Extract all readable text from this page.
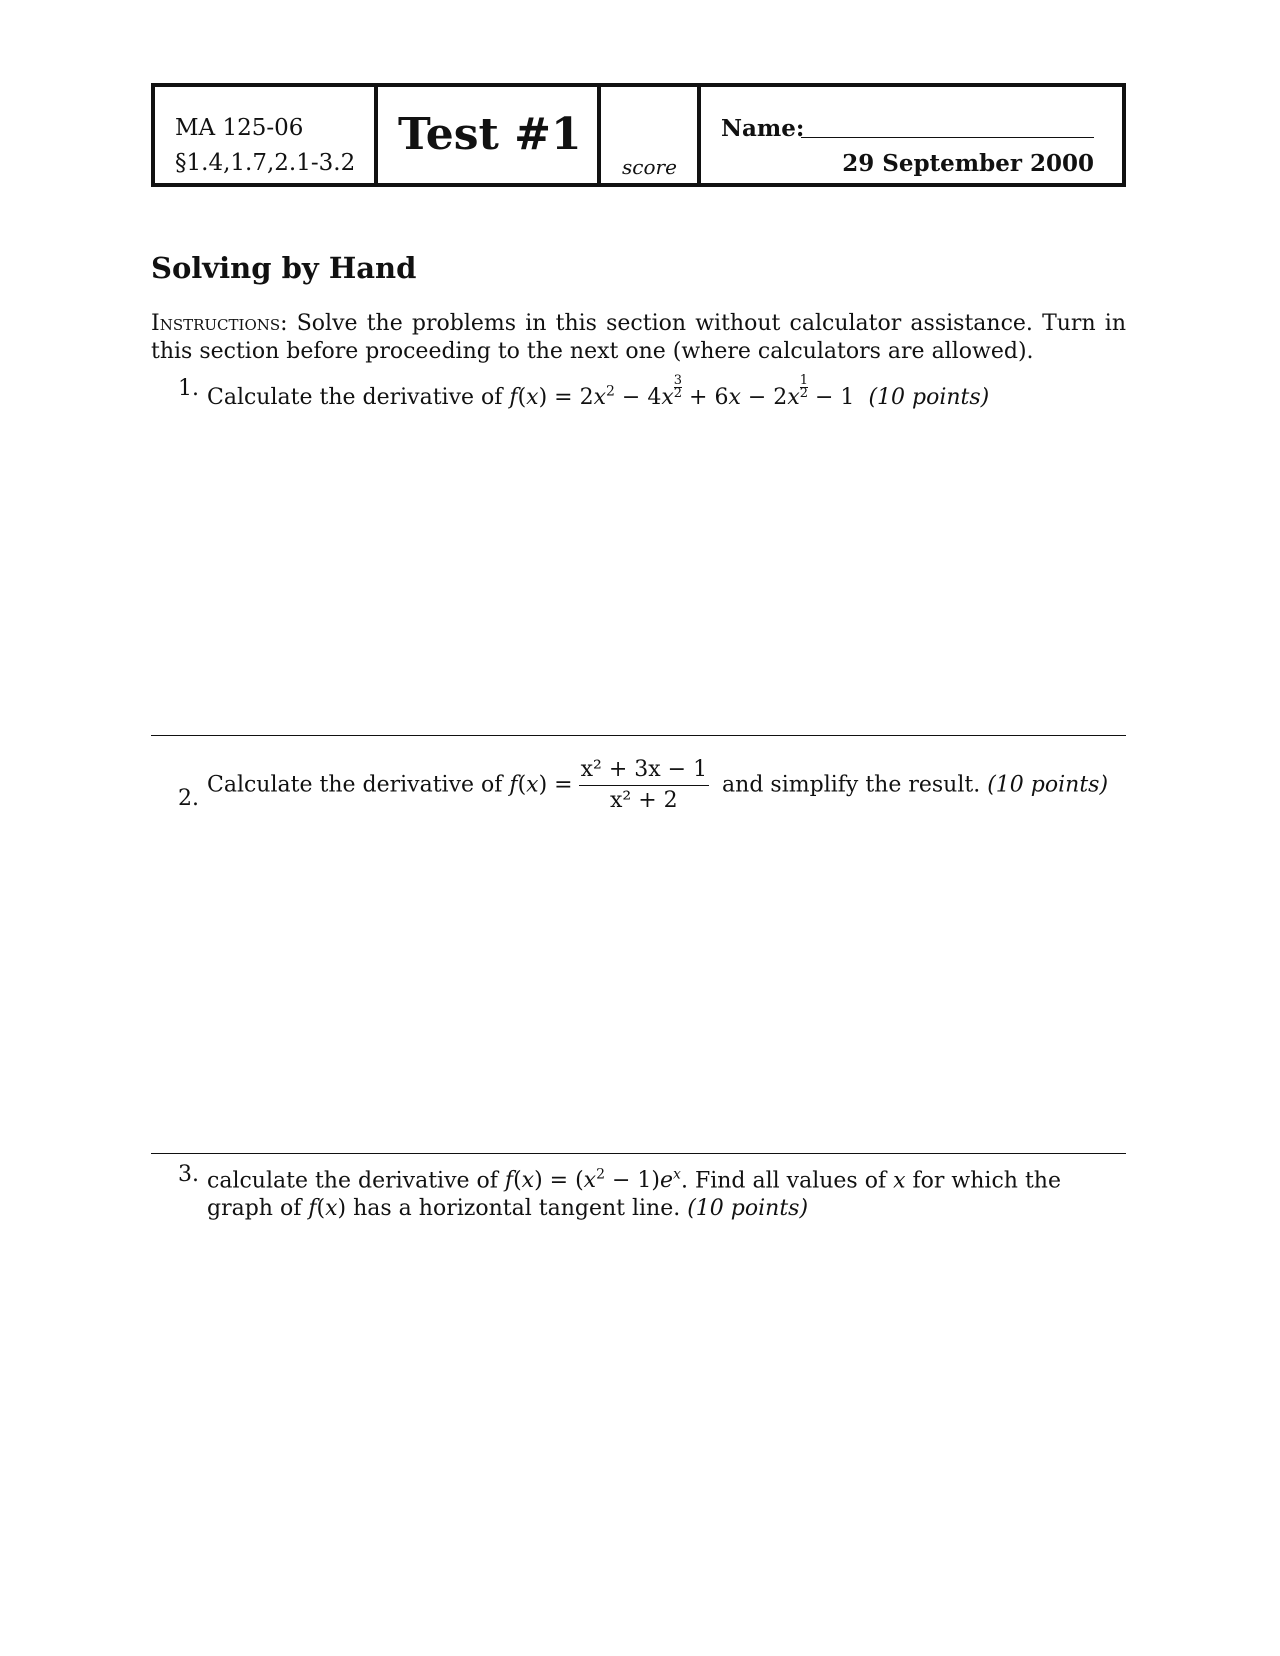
MA 125-06
§1.4,1.7,2.1-3.2
Test #1
score
Name:
29 September 2000
Solving by Hand
Instructions: Solve the problems in this section without calculator assistance. Turn in this section before proceeding to the next one (where calculators are allowed).
1. Calculate the derivative of $f(x) = 2x^2 - 4x \frac{3}{2} + 6x - 2x \frac{1}{2} - 1$ (10 points)
2.
Calculate the derivative of $f(x) = \frac{\text{x² + 3x − 1}}{\text{x² + 2}}$ and simplify the result. (10 points)
3. calculate the derivative of $f(x) = (x^2 - 1)e^x$. Find all values of x for which the graph of f(x) has a horizontal tangent line. (10 points)
